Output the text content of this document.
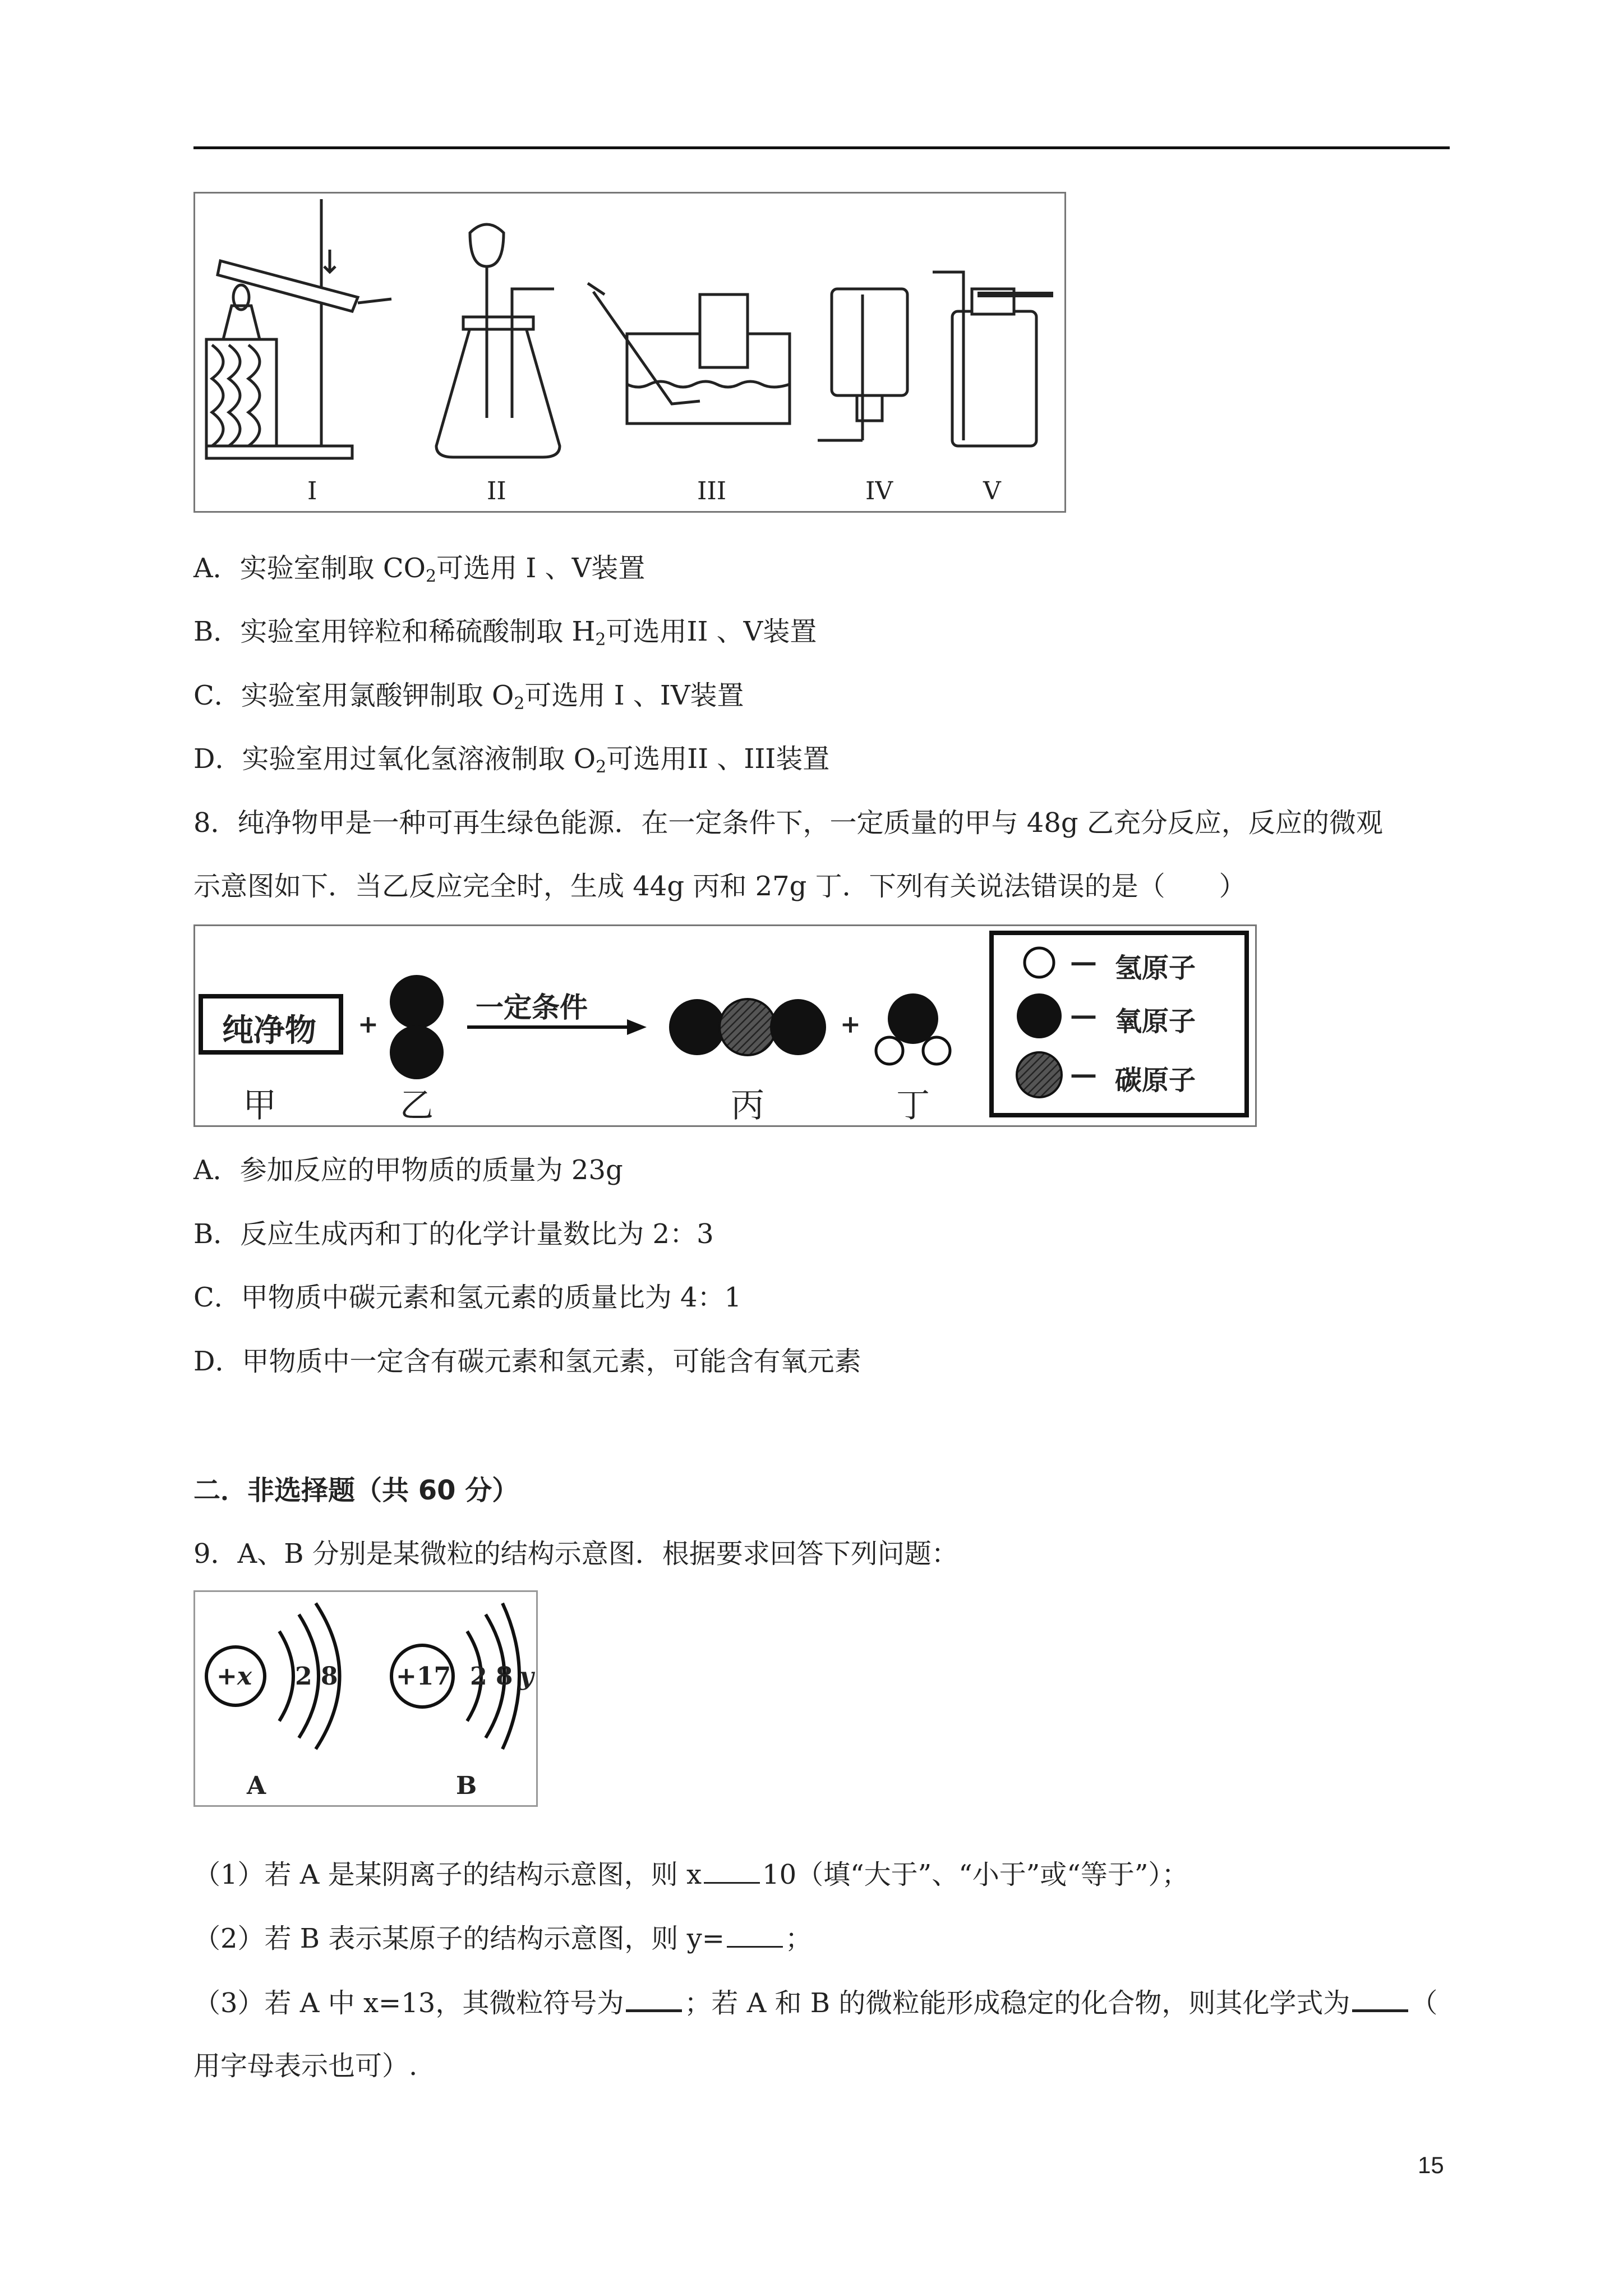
I	II	III	IV	V
A．实验室制取 $CO_2$可选用 I 、V装置
B．实验室用锌粒和稀硫酸制取 $H_2$可选用II 、V装置
C．实验室用氯酸钾制取 $O_2$可选用 I 、IV装置
D．实验室用过氧化氢溶液制取 $O_2$可选用II 、III装置
8．纯净物甲是一种可再生绿色能源．在一定条件下，一定质量的甲与 48g 乙充分反应，反应的微观
示意图如下．当乙反应完全时，生成 44g 丙和 27g 丁．下列有关说法错误的是（　　）
纯净物 +
一定条件
+
甲	乙	丙	丁
— 氢原子
— 氧原子
— 碳原子
A．参加反应的甲物质的质量为 23g
B．反应生成丙和丁的化学计量数比为 2：3
C．甲物质中碳元素和氢元素的质量比为 4：1
D．甲物质中一定含有碳元素和氢元素，可能含有氧元素
二．非选择题（共 60 分）
9．A、B 分别是某微粒的结构示意图．根据要求回答下列问题：
+x 2 8 +17 2 8 y
A	B
（1）若 A 是某阴离子的结构示意图，则 x 10（填“大于”、“小于”或“等于”）；
（2）若 B 表示某原子的结构示意图，则 y= ；
（3）若 A 中 x=13，其微粒符号为 ；若 A 和 B 的微粒能形成稳定的化合物，则其化学式为 （
用字母表示也可）.
15
